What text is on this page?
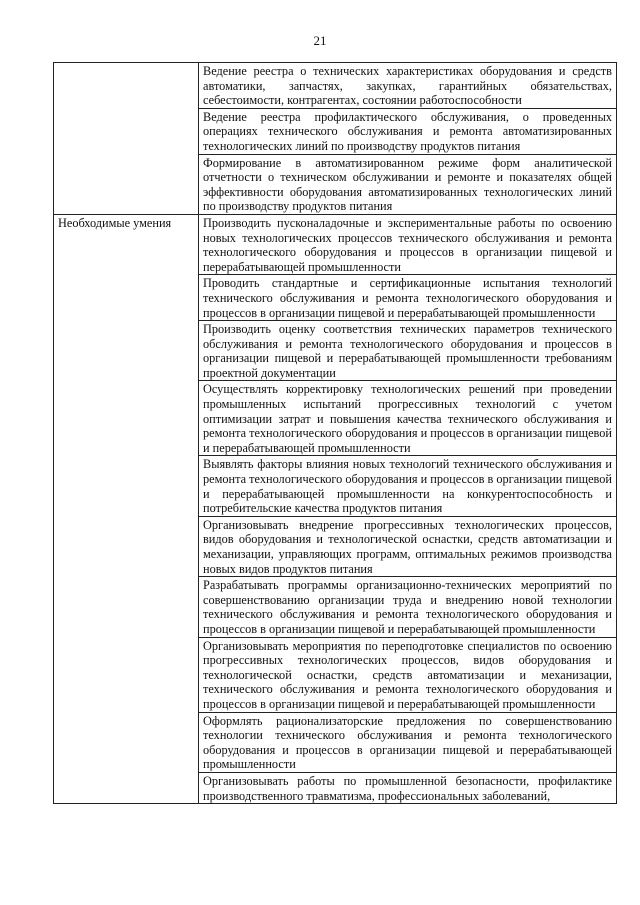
21
	Ведение реестра о технических характеристиках оборудования и средств автоматики, запчастях, закупках, гарантийных обязательствах, себестоимости, контрагентах, состоянии работоспособности
	Ведение реестра профилактического обслуживания, о проведенных операциях технического обслуживания и ремонта автоматизированных технологических линий по производству продуктов питания
	Формирование в автоматизированном режиме форм аналитической отчетности о техническом обслуживании и ремонте и показателях общей эффективности оборудования автоматизированных технологических линий по производству продуктов питания
Необходимые умения	Производить пусконаладочные и экспериментальные работы по освоению новых технологических процессов технического обслуживания и ремонта технологического оборудования и процессов в организации пищевой и перерабатывающей промышленности
	Проводить стандартные и сертификационные испытания технологий технического обслуживания и ремонта технологического оборудования и процессов в организации пищевой и перерабатывающей промышленности
	Производить оценку соответствия технических параметров технического обслуживания и ремонта технологического оборудования и процессов в организации пищевой и перерабатывающей промышленности требованиям проектной документации
	Осуществлять корректировку технологических решений при проведении промышленных испытаний прогрессивных технологий с учетом оптимизации затрат и повышения качества технического обслуживания и ремонта технологического оборудования и процессов в организации пищевой и перерабатывающей промышленности
	Выявлять факторы влияния новых технологий технического обслуживания и ремонта технологического оборудования и процессов в организации пищевой и перерабатывающей промышленности на конкурентоспособность и потребительские качества продуктов питания
	Организовывать внедрение прогрессивных технологических процессов, видов оборудования и технологической оснастки, средств автоматизации и механизации, управляющих программ, оптимальных режимов производства новых видов продуктов питания
	Разрабатывать программы организационно-технических мероприятий по совершенствованию организации труда и внедрению новой технологии технического обслуживания и ремонта технологического оборудования и процессов в организации пищевой и перерабатывающей промышленности
	Организовывать мероприятия по переподготовке специалистов по освоению прогрессивных технологических процессов, видов оборудования и технологической оснастки, средств автоматизации и механизации, технического обслуживания и ремонта технологического оборудования и процессов в организации пищевой и перерабатывающей промышленности
	Оформлять рационализаторские предложения по совершенствованию технологии технического обслуживания и ремонта технологического оборудования и процессов в организации пищевой и перерабатывающей промышленности
	Организовывать работы по промышленной безопасности, профилактике производственного травматизма, профессиональных заболеваний,
